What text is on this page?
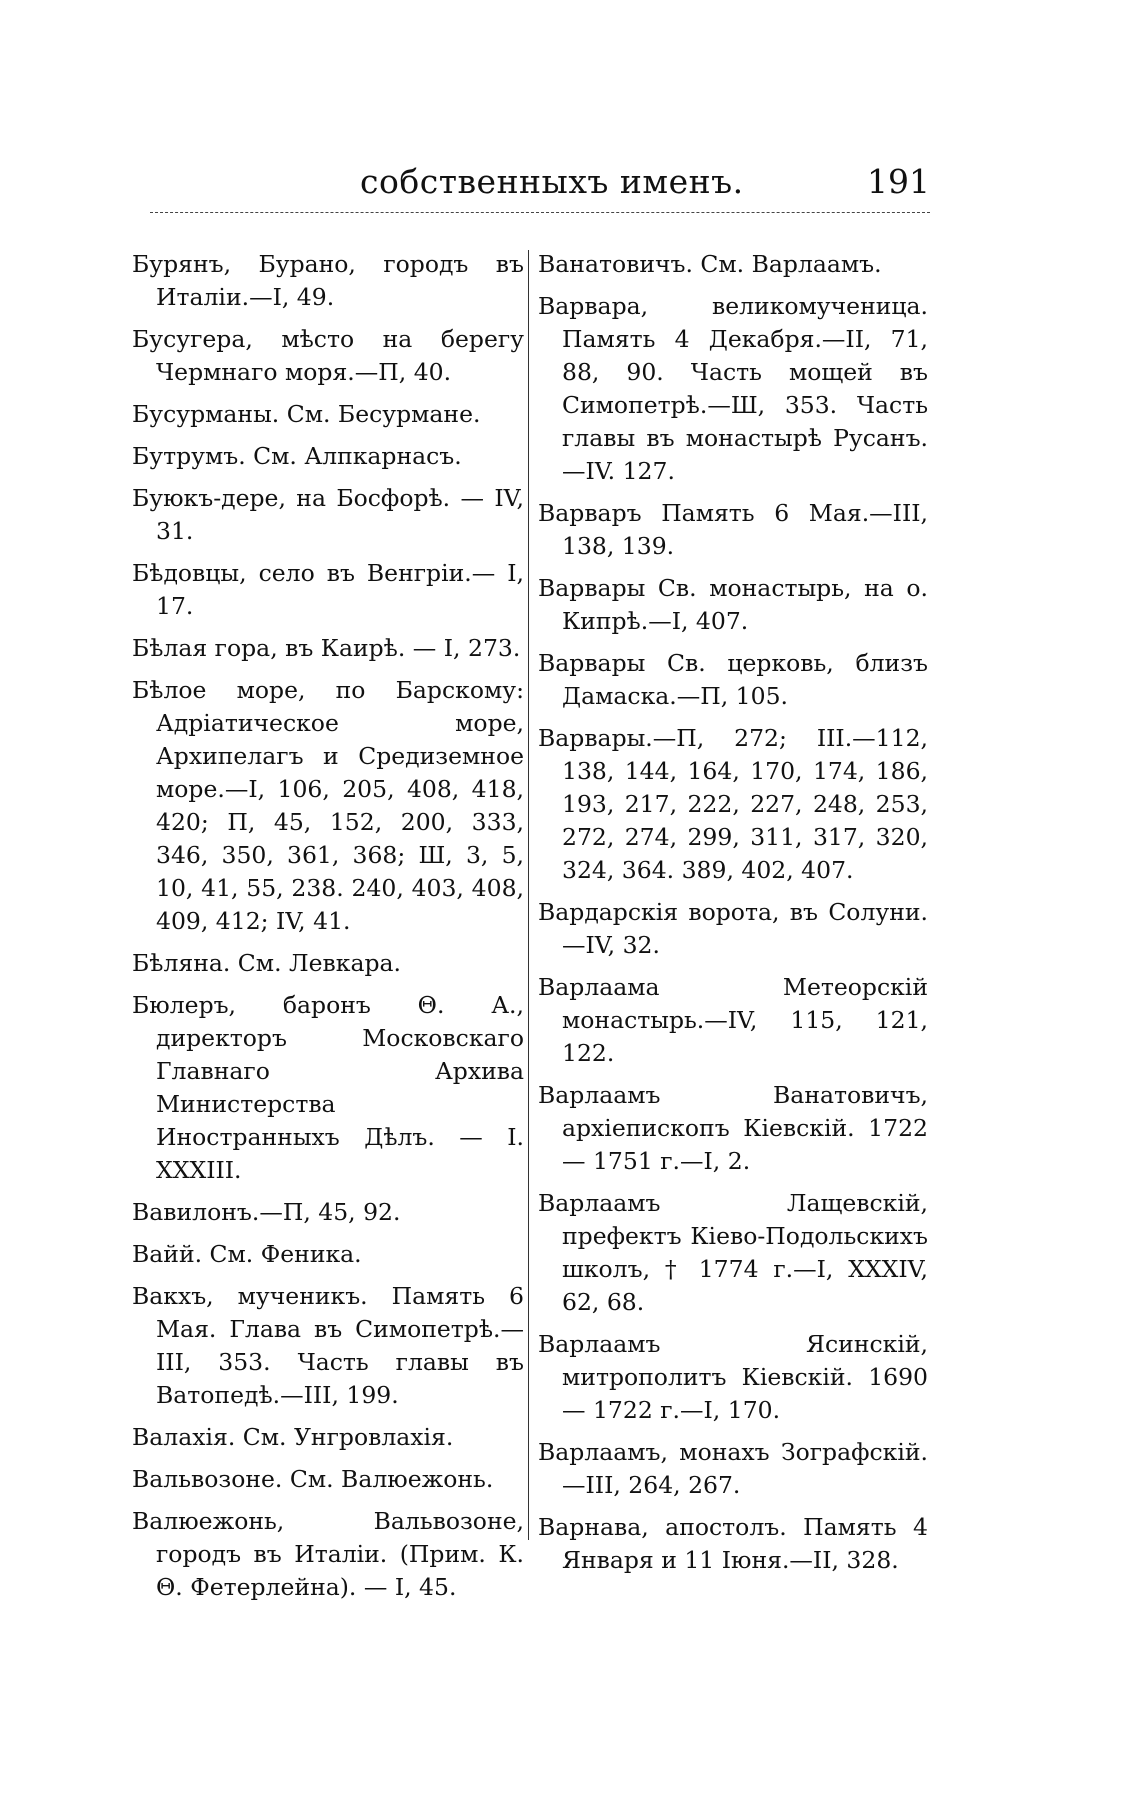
собственныхъ именъ.	191

Бурянъ, Бурано, городъ въ Италіи.—I, 49.

Бусугера, мѣсто на берегу Чермнаго моря.—П, 40.

Бусурманы. См. Бесурмане.

Бутрумъ. См. Алпкарнасъ.

Буюкъ-дере, на Босфорѣ. — IV, 31.

Бѣдовцы, село въ Венгріи.— I, 17.

Бѣлая гора, въ Каирѣ. — I, 273.

Бѣлое море, по Барскому: Адріатическое море, Архипелагъ и Средиземное море.—I, 106, 205, 408, 418, 420; П, 45, 152, 200, 333, 346, 350, 361, 368; Ш, 3, 5, 10, 41, 55, 238. 240, 403, 408, 409, 412; IV, 41.

Бѣляна. См. Левкара.

Бюлеръ, баронъ Θ. А., директоръ Московскаго Главнаго Архива Министерства Иностранныхъ Дѣлъ. — I. XXXIII.

Вавилонъ.—П, 45, 92.

Вайй. См. Феника.

Вакхъ, мученикъ. Память 6 Мая. Глава въ Симопетрѣ.— III, 353. Часть главы въ Ватопедѣ.—III, 199.

Валахія. См. Унгровлахія.

Вальвозоне. См. Валюежонь.

Валюежонь, Вальвозоне, городъ въ Италіи. (Прим. К. Θ. Фетерлейна). — I, 45.

Ванатовичъ. См. Варлаамъ.

Варвара, великомученица. Память 4 Декабря.—II, 71, 88, 90. Часть мощей въ Симопетрѣ.—Ш, 353. Часть главы въ монастырѣ Русанъ.—IV. 127.

Варваръ Память 6 Мая.—III, 138, 139.

Варвары Св. монастырь, на о. Кипрѣ.—I, 407.

Варвары Св. церковь, близъ Дамаска.—П, 105.

Варвары.—П, 272; III.—112, 138, 144, 164, 170, 174, 186, 193, 217, 222, 227, 248, 253, 272, 274, 299, 311, 317, 320, 324, 364. 389, 402, 407.

Вардарскія ворота, въ Солуни.—IV, 32.

Варлаама Метеорскій монастырь.—IV, 115, 121, 122.

Варлаамъ Ванатовичъ, архіепископъ Кіевскій. 1722— 1751 г.—I, 2.

Варлаамъ Лащевскій, префектъ Кіево-Подольскихъ школъ, † 1774 г.—I, XXXIV, 62, 68.

Варлаамъ Ясинскій, митрополитъ Кіевскій. 1690 — 1722 г.—I, 170.

Варлаамъ, монахъ Зографскій.—III, 264, 267.

Варнава, апостолъ. Память 4 Января и 11 Іюня.—II, 328.
